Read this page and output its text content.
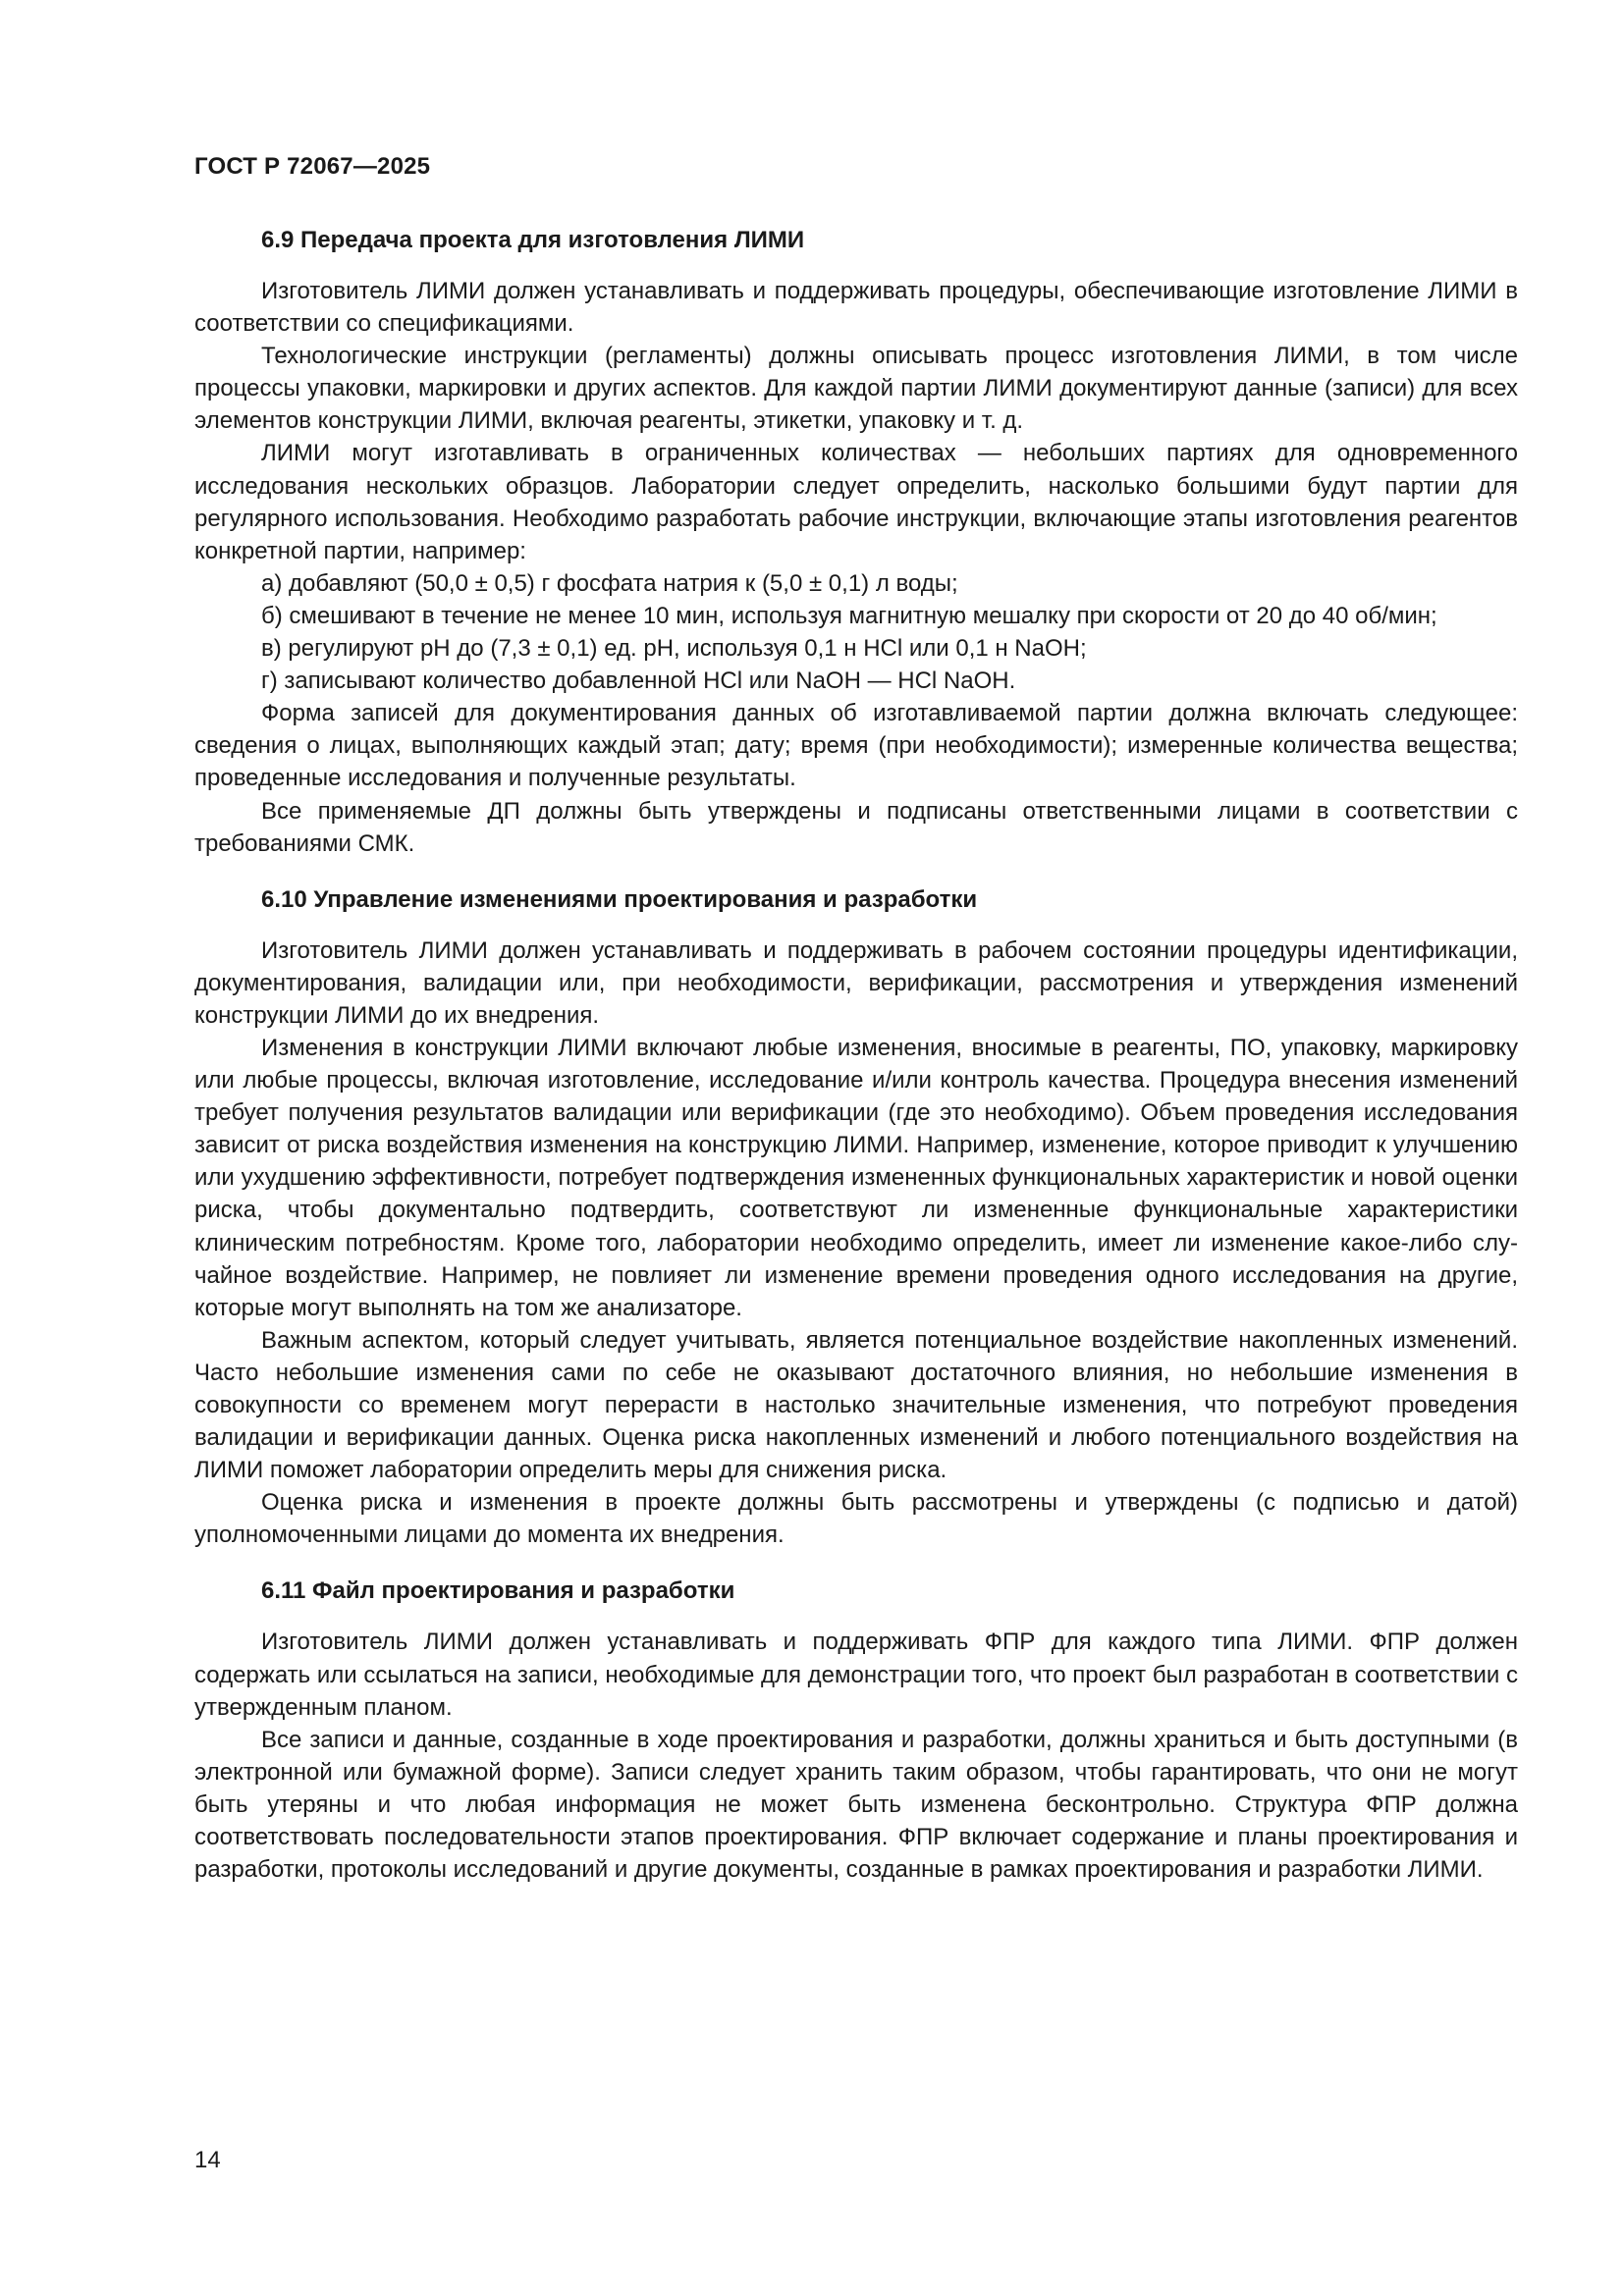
ГОСТ Р 72067—2025
6.9 Передача проекта для изготовления ЛИМИ

Изготовитель ЛИМИ должен устанавливать и поддерживать процедуры, обеспечивающие изготовление ЛИМИ в соответствии со спецификациями.

Технологические инструкции (регламенты) должны описывать процесс изготовления ЛИМИ, в том числе процессы упаковки, маркировки и других аспектов. Для каждой партии ЛИМИ документируют данные (записи) для всех элементов конструкции ЛИМИ, включая реагенты, этикетки, упаковку и т. д.

ЛИМИ могут изготавливать в ограниченных количествах — небольших партиях для одновременного исследования нескольких образцов. Лаборатории следует определить, насколько большими будут партии для регулярного использования. Необходимо разработать рабочие инструкции, включающие этапы изготовления реагентов конкретной партии, например:

а) добавляют (50,0 ± 0,5) г фосфата натрия к (5,0 ± 0,1) л воды;

б) смешивают в течение не менее 10 мин, используя магнитную мешалку при скорости от 20 до 40 об/мин;

в) регулируют pH до (7,3 ± 0,1) ед. pH, используя 0,1 н HCl или 0,1 н NaOH;

г) записывают количество добавленной HCl или NaOH — HCl NaOH.

Форма записей для документирования данных об изготавливаемой партии должна включать следующее: сведения о лицах, выполняющих каждый этап; дату; время (при необходимости); измеренные количества вещества; проведенные исследования и полученные результаты.

Все применяемые ДП должны быть утверждены и подписаны ответственными лицами в соответствии с требованиями СМК.

6.10 Управление изменениями проектирования и разработки

Изготовитель ЛИМИ должен устанавливать и поддерживать в рабочем состоянии процедуры идентификации, документирования, валидации или, при необходимости, верификации, рассмотрения и утверждения изменений конструкции ЛИМИ до их внедрения.

Изменения в конструкции ЛИМИ включают любые изменения, вносимые в реагенты, ПО, упаковку, маркировку или любые процессы, включая изготовление, исследование и/или контроль качества. Процедура внесения изменений требует получения результатов валидации или верификации (где это необходимо). Объем проведения исследования зависит от риска воздействия изменения на конструкцию ЛИМИ. Например, изменение, которое приводит к улучшению или ухудшению эффективности, потребует подтверждения измененных функциональных характеристик и новой оценки риска, чтобы документально подтвердить, соответствуют ли измененные функциональные характеристики клиническим потребностям. Кроме того, лаборатории необходимо определить, имеет ли изменение какое-либо случайное воздействие. Например, не повлияет ли изменение времени проведения одного исследования на другие, которые могут выполнять на том же анализаторе.

Важным аспектом, который следует учитывать, является потенциальное воздействие накопленных изменений. Часто небольшие изменения сами по себе не оказывают достаточного влияния, но небольшие изменения в совокупности со временем могут перерасти в настолько значительные изменения, что потребуют проведения валидации и верификации данных. Оценка риска накопленных изменений и любого потенциального воздействия на ЛИМИ поможет лаборатории определить меры для снижения риска.

Оценка риска и изменения в проекте должны быть рассмотрены и утверждены (с подписью и датой) уполномоченными лицами до момента их внедрения.

6.11 Файл проектирования и разработки

Изготовитель ЛИМИ должен устанавливать и поддерживать ФПР для каждого типа ЛИМИ. ФПР должен содержать или ссылаться на записи, необходимые для демонстрации того, что проект был разработан в соответствии с утвержденным планом.

Все записи и данные, созданные в ходе проектирования и разработки, должны храниться и быть доступными (в электронной или бумажной форме). Записи следует хранить таким образом, чтобы гарантировать, что они не могут быть утеряны и что любая информация не может быть изменена бесконтрольно. Структура ФПР должна соответствовать последовательности этапов проектирования. ФПР включает содержание и планы проектирования и разработки, протоколы исследований и другие документы, созданные в рамках проектирования и разработки ЛИМИ.

14
